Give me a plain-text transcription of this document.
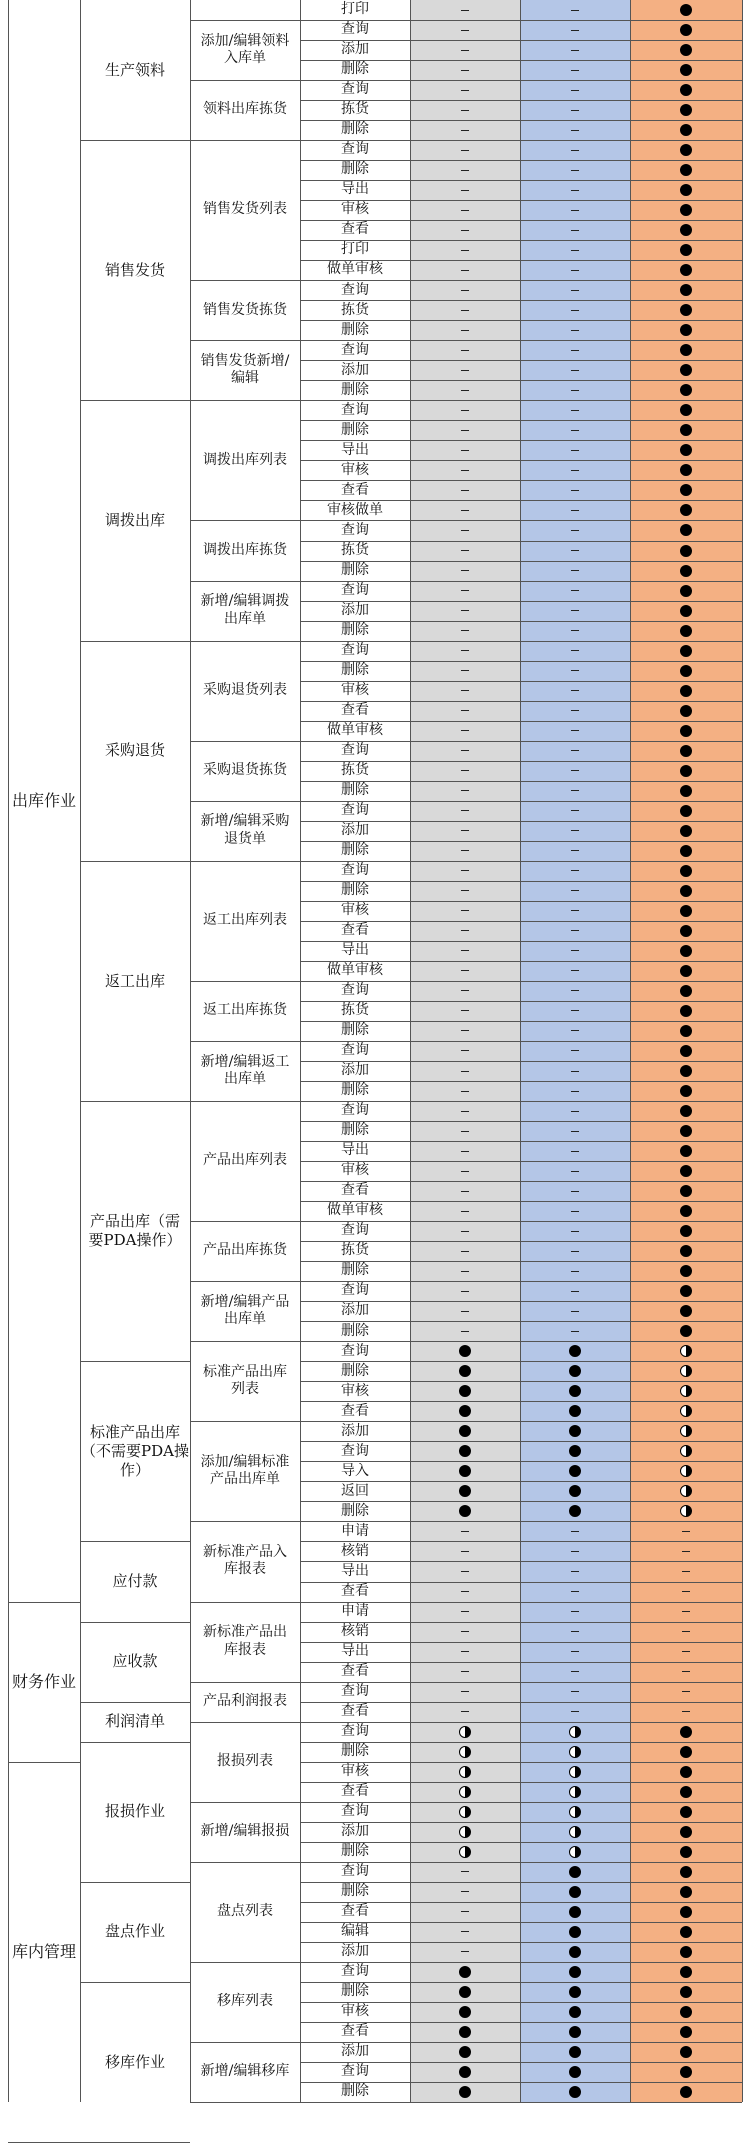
出库作业
财务作业
库内管理
生产领料
销售发货
调拨出库
采购退货
返工出库
产品出库（需
要PDA操作）
标准产品出库
（不需要PDA操
作）
应付款
应收款
利润清单
报损作业
盘点作业
移库作业
添加/编辑领料
入库单
领料出库拣货
销售发货列表
销售发货拣货
销售发货新增/
编辑
调拨出库列表
调拨出库拣货
新增/编辑调拨
出库单
采购退货列表
采购退货拣货
新增/编辑采购
退货单
返工出库列表
返工出库拣货
新增/编辑返工
出库单
产品出库列表
产品出库拣货
新增/编辑产品
出库单
标准产品出库
列表
添加/编辑标准
产品出库单
新标准产品入
库报表
新标准产品出
库报表
产品利润报表
报损列表
新增/编辑报损
盘点列表
移库列表
新增/编辑移库
打印
查询
添加
删除
查询
拣货
删除
查询
删除
导出
审核
查看
打印
做单审核
查询
拣货
删除
查询
添加
删除
查询
删除
导出
审核
查看
审核做单
查询
拣货
删除
查询
添加
删除
查询
删除
审核
查看
做单审核
查询
拣货
删除
查询
添加
删除
查询
删除
审核
查看
导出
做单审核
查询
拣货
删除
查询
添加
删除
查询
删除
导出
审核
查看
做单审核
查询
拣货
删除
查询
添加
删除
查询
删除
审核
查看
添加
查询
导入
返回
删除
申请
核销
导出
查看
申请
核销
导出
查看
查询
查看
查询
删除
审核
查看
查询
添加
删除
查询
删除
查看
编辑
添加
查询
删除
审核
查看
添加
查询
删除
